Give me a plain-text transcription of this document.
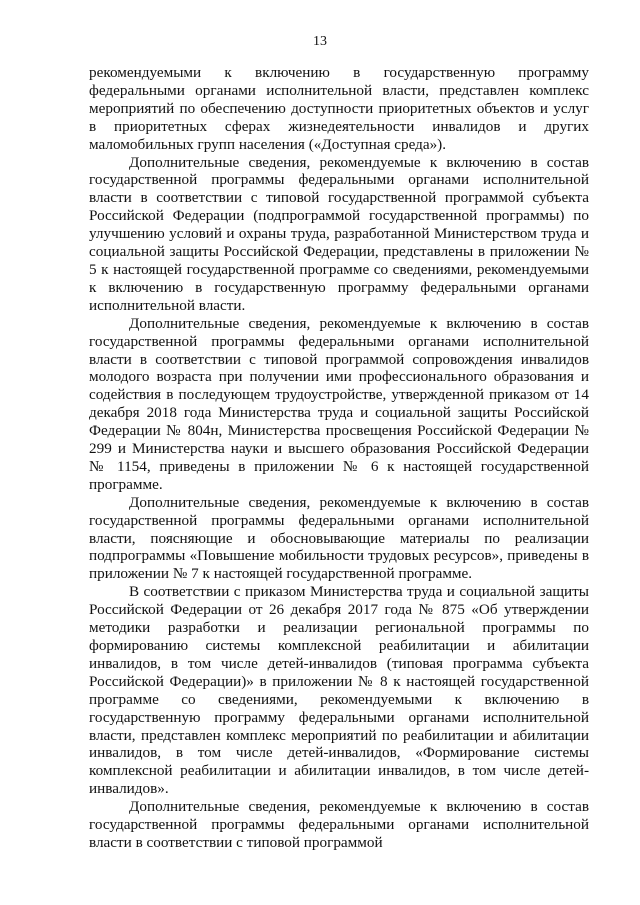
13

рекомендуемыми к включению в государственную программу федеральными органами исполнительной власти, представлен комплекс мероприятий по обеспечению доступности приоритетных объектов и услуг в приоритетных сферах жизнедеятельности инвалидов и других маломобильных групп населения («Доступная среда»).

Дополнительные сведения, рекомендуемые к включению в состав государственной программы федеральными органами исполнительной власти в соответствии с типовой государственной программой субъекта Российской Федерации (подпрограммой государственной программы) по улучшению условий и охраны труда, разработанной Министерством труда и социальной защиты Российской Федерации, представлены в приложении № 5 к настоящей государственной программе со сведениями, рекомендуемыми к включению в государственную программу федеральными органами исполнительной власти.

Дополнительные сведения, рекомендуемые к включению в состав государственной программы федеральными органами исполнительной власти в соответствии с типовой программой сопровождения инвалидов молодого возраста при получении ими профессионального образования и содействия в последующем трудоустройстве, утвержденной приказом от 14 декабря 2018 года Министерства труда и социальной защиты Российской Федерации № 804н, Министерства просвещения Российской Федерации № 299 и Министерства науки и высшего образования Российской Федерации № 1154, приведены в приложении № 6 к настоящей государственной программе.

Дополнительные сведения, рекомендуемые к включению в состав государственной программы федеральными органами исполнительной власти, поясняющие и обосновывающие материалы по реализации подпрограммы «Повышение мобильности трудовых ресурсов», приведены в приложении № 7 к настоящей государственной программе.

В соответствии с приказом Министерства труда и социальной защиты Российской Федерации от 26 декабря 2017 года № 875 «Об утверждении методики разработки и реализации региональной программы по формированию системы комплексной реабилитации и абилитации инвалидов, в том числе детей-инвалидов (типовая программа субъекта Российской Федерации)» в приложении № 8 к настоящей государственной программе со сведениями, рекомендуемыми к включению в государственную программу федеральными органами исполнительной власти, представлен комплекс мероприятий по реабилитации и абилитации инвалидов, в том числе детей-инвалидов, «Формирование системы комплексной реабилитации и абилитации инвалидов, в том числе детей-инвалидов».

Дополнительные сведения, рекомендуемые к включению в состав государственной программы федеральными органами исполнительной власти в соответствии с типовой программой
